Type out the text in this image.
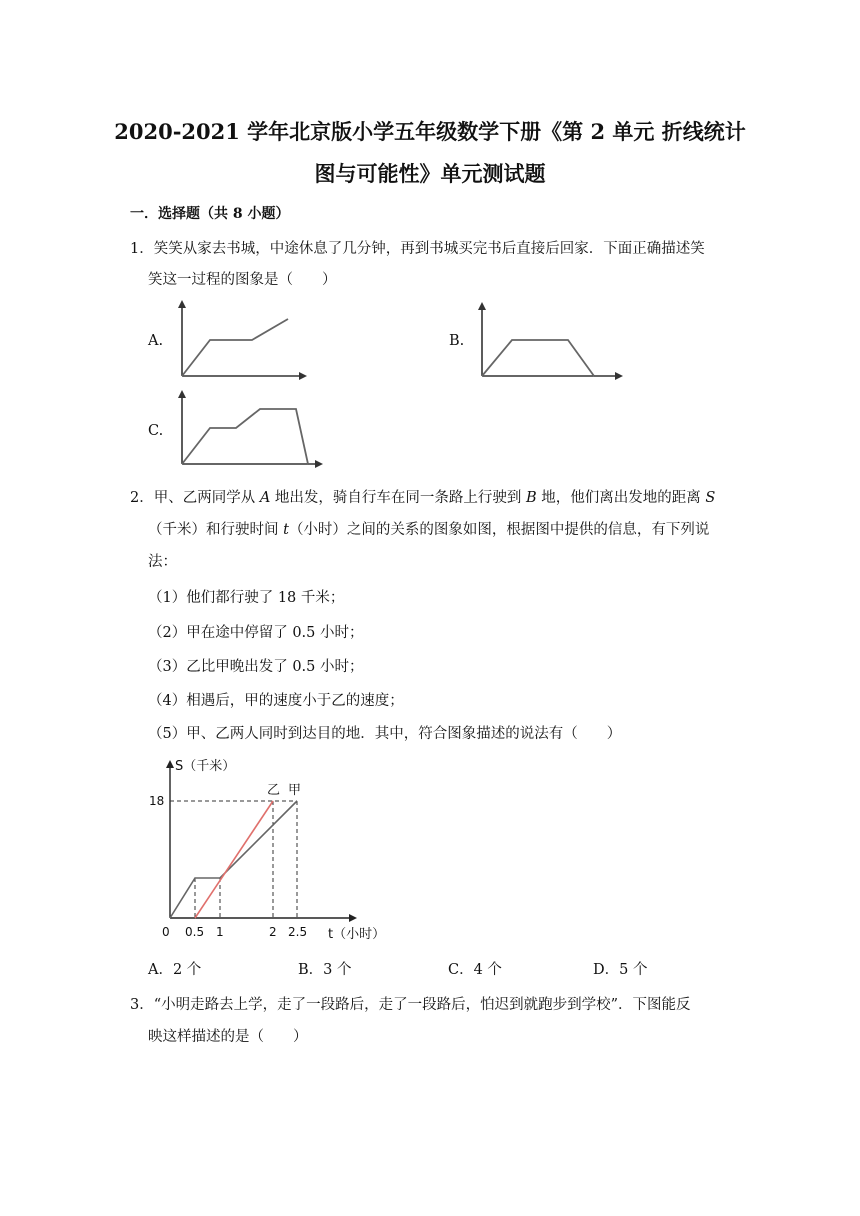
2020-2021 学年北京版小学五年级数学下册《第 2 单元 折线统计
图与可能性》单元测试题
一．选择题（共 8 小题）
1．笑笑从家去书城，中途休息了几分钟，再到书城买完书后直接后回家．下面正确描述笑
笑这一过程的图象是（　　）
A.	B.
C.
2．甲、乙两同学从 A 地出发，骑自行车在同一条路上行驶到 B 地，他们离出发地的距离 S
（千米）和行驶时间 t（小时）之间的关系的图象如图，根据图中提供的信息，有下列说
法：
（1）他们都行驶了 18 千米；
（2）甲在途中停留了 0.5 小时；
（3）乙比甲晚出发了 0.5 小时；
（4）相遇后，甲的速度小于乙的速度；
（5）甲、乙两人同时到达目的地．其中，符合图象描述的说法有（　　）
S（千米）
18
乙 甲
0 0.5 1	2 2.5 t（小时）
A．2 个	B．3 个	C．4 个	D．5 个
3．“小明走路去上学，走了一段路后，走了一段路后，怕迟到就跑步到学校”．下图能反
映这样描述的是（　　）
